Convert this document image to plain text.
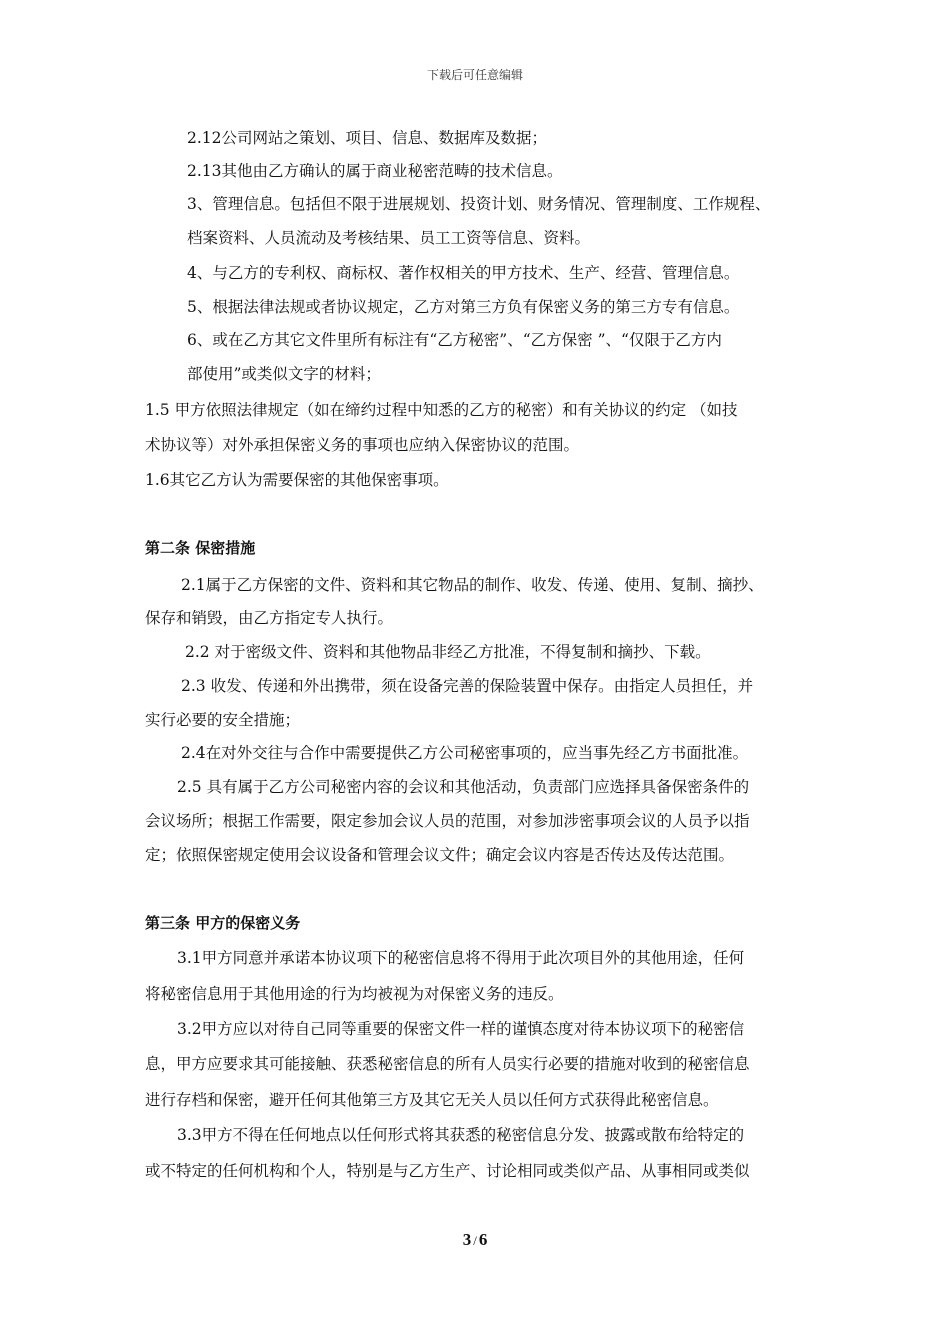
下载后可任意编辑
2.12公司网站之策划、项目、信息、数据库及数据；
2.13其他由乙方确认的属于商业秘密范畴的技术信息。
3、管理信息。包括但不限于进展规划、投资计划、财务情况、管理制度、工作规程、
档案资料、人员流动及考核结果、员工工资等信息、资料。
4、与乙方的专利权、商标权、著作权相关的甲方技术、生产、经营、管理信息。
5、根据法律法规或者协议规定，乙方对第三方负有保密义务的第三方专有信息。
6、或在乙方其它文件里所有标注有“乙方秘密”、“乙方保密 ”、“仅限于乙方内
部使用”或类似文字的材料；
1.5 甲方依照法律规定（如在缔约过程中知悉的乙方的秘密）和有关协议的约定 （如技
术协议等）对外承担保密义务的事项也应纳入保密协议的范围。
1.6其它乙方认为需要保密的其他保密事项。
第二条 保密措施
2.1属于乙方保密的文件、资料和其它物品的制作、收发、传递、使用、复制、摘抄、
保存和销毁，由乙方指定专人执行。
2.2 对于密级文件、资料和其他物品非经乙方批准，不得复制和摘抄、下载。
2.3 收发、传递和外出携带，须在设备完善的保险装置中保存。由指定人员担任，并
实行必要的安全措施；
2.4在对外交往与合作中需要提供乙方公司秘密事项的，应当事先经乙方书面批准。
2.5 具有属于乙方公司秘密内容的会议和其他活动，负责部门应选择具备保密条件的
会议场所；根据工作需要，限定参加会议人员的范围，对参加涉密事项会议的人员予以指
定；依照保密规定使用会议设备和管理会议文件；确定会议内容是否传达及传达范围。
第三条 甲方的保密义务
3.1甲方同意并承诺本协议项下的秘密信息将不得用于此次项目外的其他用途，任何
将秘密信息用于其他用途的行为均被视为对保密义务的违反。
3.2甲方应以对待自己同等重要的保密文件一样的谨慎态度对待本协议项下的秘密信
息，甲方应要求其可能接触、获悉秘密信息的所有人员实行必要的措施对收到的秘密信息
进行存档和保密，避开任何其他第三方及其它无关人员以任何方式获得此秘密信息。
3.3甲方不得在任何地点以任何形式将其获悉的秘密信息分发、披露或散布给特定的
或不特定的任何机构和个人，特别是与乙方生产、讨论相同或类似产品、从事相同或类似
3 / 6
